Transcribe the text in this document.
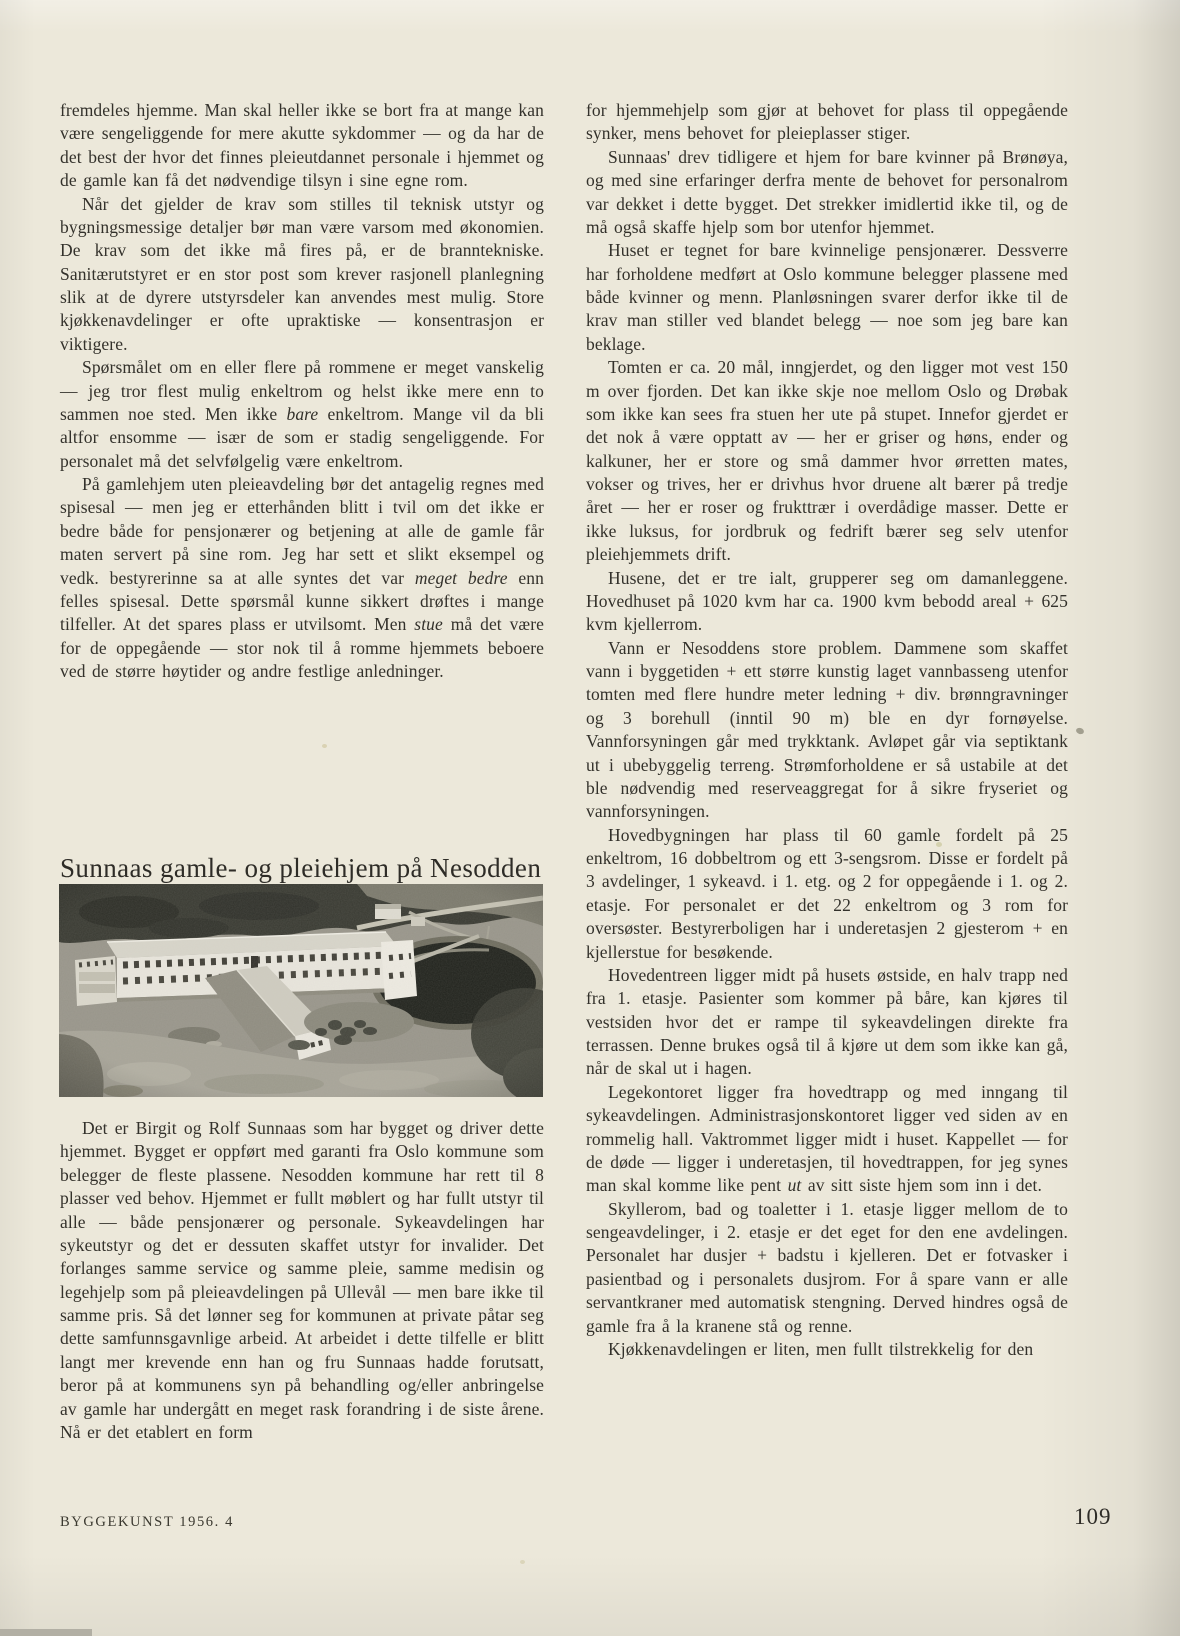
fremdeles hjemme. Man skal heller ikke se bort fra at mange kan være sengeliggende for mere akutte sykdommer — og da har de det best der hvor det finnes pleieutdannet personale i hjemmet og de gamle kan få det nødvendige tilsyn i sine egne rom.

Når det gjelder de krav som stilles til teknisk utstyr og bygningsmessige detaljer bør man være varsom med økonomien. De krav som det ikke må fires på, er de branntekniske. Sanitærutstyret er en stor post som krever rasjonell planlegning slik at de dyrere utstyrsdeler kan anvendes mest mulig. Store kjøkkenavdelinger er ofte upraktiske — konsentrasjon er viktigere.

Spørsmålet om en eller flere på rommene er meget vanskelig — jeg tror flest mulig enkeltrom og helst ikke mere enn to sammen noe sted. Men ikke bare enkeltrom. Mange vil da bli altfor ensomme — især de som er stadig sengeliggende. For personalet må det selvfølgelig være enkeltrom.

På gamlehjem uten pleieavdeling bør det antagelig regnes med spisesal — men jeg er etterhånden blitt i tvil om det ikke er bedre både for pensjonærer og betjening at alle de gamle får maten servert på sine rom. Jeg har sett et slikt eksempel og vedk. bestyrerinne sa at alle syntes det var meget bedre enn felles spisesal. Dette spørsmål kunne sikkert drøftes i mange tilfeller. At det spares plass er utvilsomt. Men stue må det være for de oppegående — stor nok til å romme hjemmets beboere ved de større høytider og andre festlige anledninger.

Sunnaas gamle- og pleiehjem på Nesodden

Det er Birgit og Rolf Sunnaas som har bygget og driver dette hjemmet. Bygget er oppført med garanti fra Oslo kommune som belegger de fleste plassene. Nesodden kommune har rett til 8 plasser ved behov. Hjemmet er fullt møblert og har fullt utstyr til alle — både pensjonærer og personale. Sykeavdelingen har sykeutstyr og det er dessuten skaffet utstyr for invalider. Det forlanges samme service og samme pleie, samme medisin og legehjelp som på pleieavdelingen på Ullevål — men bare ikke til samme pris. Så det lønner seg for kommunen at private påtar seg dette samfunnsgavnlige arbeid. At arbeidet i dette tilfelle er blitt langt mer krevende enn han og fru Sunnaas hadde forutsatt, beror på at kommunens syn på behandling og/eller anbringelse av gamle har undergått en meget rask forandring i de siste årene. Nå er det etablert en form

for hjemmehjelp som gjør at behovet for plass til oppegående synker, mens behovet for pleieplasser stiger.

Sunnaas' drev tidligere et hjem for bare kvinner på Brønøya, og med sine erfaringer derfra mente de behovet for personalrom var dekket i dette bygget. Det strekker imidlertid ikke til, og de må også skaffe hjelp som bor utenfor hjemmet.

Huset er tegnet for bare kvinnelige pensjonærer. Dessverre har forholdene medført at Oslo kommune belegger plassene med både kvinner og menn. Planløsningen svarer derfor ikke til de krav man stiller ved blandet belegg — noe som jeg bare kan beklage.

Tomten er ca. 20 mål, inngjerdet, og den ligger mot vest 150 m over fjorden. Det kan ikke skje noe mellom Oslo og Drøbak som ikke kan sees fra stuen her ute på stupet. Innefor gjerdet er det nok å være opptatt av — her er griser og høns, ender og kalkuner, her er store og små dammer hvor ørretten mates, vokser og trives, her er drivhus hvor druene alt bærer på tredje året — her er roser og frukttrær i overdådige masser. Dette er ikke luksus, for jordbruk og fedrift bærer seg selv utenfor pleiehjemmets drift.

Husene, det er tre ialt, grupperer seg om damanleggene. Hovedhuset på 1020 kvm har ca. 1900 kvm bebodd areal + 625 kvm kjellerrom.

Vann er Nesoddens store problem. Dammene som skaffet vann i byggetiden + ett større kunstig laget vannbasseng utenfor tomten med flere hundre meter ledning + div. brønngravninger og 3 borehull (inntil 90 m) ble en dyr fornøyelse. Vannforsyningen går med trykktank. Avløpet går via septiktank ut i ubebyggelig terreng. Strømforholdene er så ustabile at det ble nødvendig med reserveaggregat for å sikre fryseriet og vannforsyningen.

Hovedbygningen har plass til 60 gamle fordelt på 25 enkeltrom, 16 dobbeltrom og ett 3-sengsrom. Disse er fordelt på 3 avdelinger, 1 sykeavd. i 1. etg. og 2 for oppegående i 1. og 2. etasje. For personalet er det 22 enkeltrom og 3 rom for oversøster. Bestyrerboligen har i underetasjen 2 gjesterom + en kjellerstue for besøkende.

Hovedentreen ligger midt på husets østside, en halv trapp ned fra 1. etasje. Pasienter som kommer på båre, kan kjøres til vestsiden hvor det er rampe til sykeavdelingen direkte fra terrassen. Denne brukes også til å kjøre ut dem som ikke kan gå, når de skal ut i hagen.

Legekontoret ligger fra hovedtrapp og med inngang til sykeavdelingen. Administrasjonskontoret ligger ved siden av en rommelig hall. Vaktrommet ligger midt i huset. Kappellet — for de døde — ligger i underetasjen, til hovedtrappen, for jeg synes man skal komme like pent ut av sitt siste hjem som inn i det.

Skyllerom, bad og toaletter i 1. etasje ligger mellom de to sengeavdelinger, i 2. etasje er det eget for den ene avdelingen. Personalet har dusjer + badstu i kjelleren. Det er fotvasker i pasientbad og i personalets dusjrom. For å spare vann er alle servantkraner med automatisk stengning. Derved hindres også de gamle fra å la kranene stå og renne.

Kjøkkenavdelingen er liten, men fullt tilstrekkelig for den

BYGGEKUNST 1956. 4	109
